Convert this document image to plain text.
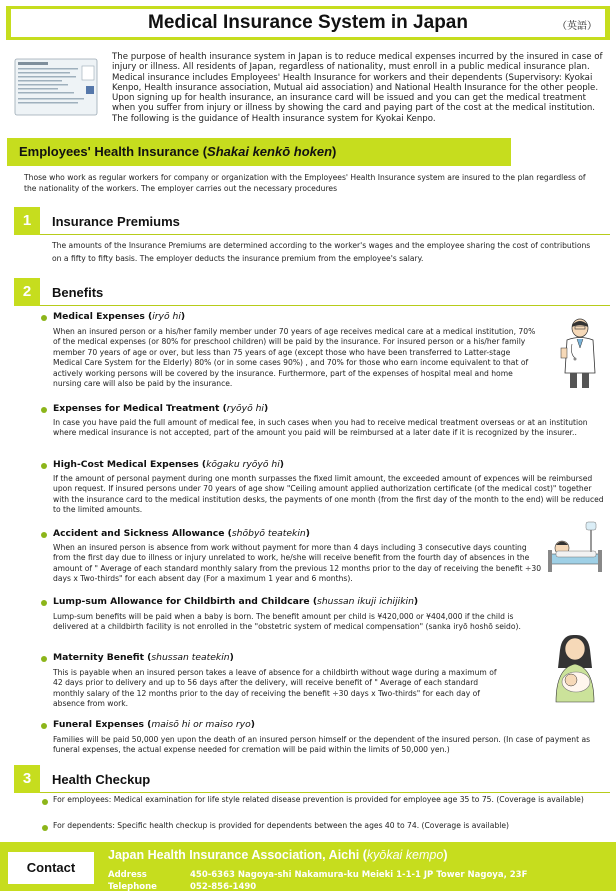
Medical Insurance System in Japan	（英語）

The purpose of health insurance system in Japan is to reduce medical expenses incurred by the insured in case of injury or illness. All residents of Japan, regardless of nationality, must enroll in a public medical insurance plan. Medical insurance includes Employees' Health Insurance for workers and their dependents (Supervisory: Kyokai Kenpo, Health insurance association, Mutual aid association) and National Health Insurance for the other people. Upon signing up for health insurance, an insurance card will be issued and you can get the medical treatment when you suffer from injury or illness by showing the card and paying part of the cost at the medical institution. The following is the guidance of Health insurance system for Kyokai Kenpo.

Employees' Health Insurance (Shakai kenkō hoken)

Those who work as regular workers for company or organization with the Employees' Health Insurance system are insured to the plan regardless of the nationality of the workers. The employer carries out the necessary procedures

1	Insurance Premiums

The amounts of the Insurance Premiums are determined according to the worker's wages and the employee sharing the cost of contributions on a fifty to fifty basis. The employer deducts the insurance premium from the employee's salary.

2	Benefits
Medical Expenses (iryō hi)

When an insured person or a his/her family member under 70 years of age receives medical care at a medical institution, 70% of the medical expenses (or 80% for preschool children) will be paid by the insurance. For insured person or a his/her family member 70 years of age or over, but less than 75 years of age (except those who have been transferred to Latter-stage Medical Care System for the Elderly) 80% (or in some cases 90%) , and 70% for those who earn income equivalent to that of actively working persons will be covered by the insurance. Furthermore, part of the expenses of hospital meal and home nursing care will also be paid by the insurance.

Expenses for Medical Treatment (ryōyō hi)

In case you have paid the full amount of medical fee, in such cases when you had to receive medical treatment overseas or at an institution where medical insurance is not accepted, part of the amount you paid will be reimbursed at a later date if it is recognized by the insurer..

High-Cost Medical Expenses (kōgaku ryōyō hi)

If the amount of personal payment during one month surpasses the fixed limit amount, the exceeded amount of expences will be reimbursed upon request. If insured persons under 70 years of age show "Ceiling amount applied authorization certificate (of the medical cost)" together with the insurance card to the medical institution desks, the payments of one month (from the first day of the month to the end) will be reduced to the limited amounts.

Accident and Sickness Allowance (shōbyō teatekin)

When an insured person is absence from work without payment for more than 4 days including 3 consecutive days counting from the first day due to illness or injury unrelated to work, he/she will receive benefit from the fourth day of absences in the amount of " Average of each standard monthly salary from the previous 12 months prior to the day of receiving the benefit ÷30 days x Two-thirds" for each absent day (For a maximum 1 year and 6 months).

Lump-sum Allowance for Childbirth and Childcare (shussan ikuji ichijikin)

Lump-sum benefits will be paid when a baby is born. The benefit amount per child is ¥420,000 or ¥404,000 if the child is delivered at a childbirth facility is not enrolled in the "obstetric system of medical compensation" (sanka iryō hoshō seido).

Maternity Benefit (shussan teatekin)

This is payable when an insured person takes a leave of absence for a childbirth without wage during a maximum of 42 days prior to delivery and up to 56 days after the delivery, will receive benefit of " Average of each standard monthly salary of the 12 months prior to the day of receiving the benefit ÷30 days x Two-thirds" for each day of absence from work.

Funeral Expenses (maisō hi or maiso ryo)

Families will be paid 50,000 yen upon the death of an insured person himself or the dependent of the insured person. (In case of payment as funeral expenses, the actual expense needed for cremation will be paid within the limits of 50,000 yen.)

3	Health Checkup

For employees: Medical examination for life style related disease prevention is provided for employee age 35 to 75. (Coverage is available)

For dependents: Specific health checkup is provided for dependents between the ages 40 to 74. (Coverage is available)

Contact
Japan Health Insurance Association, Aichi (kyōkai kempo)
Address	450-6363 Nagoya-shi Nakamura-ku Meieki 1-1-1 JP Tower Nagoya, 23F
Telephone	052-856-1490
